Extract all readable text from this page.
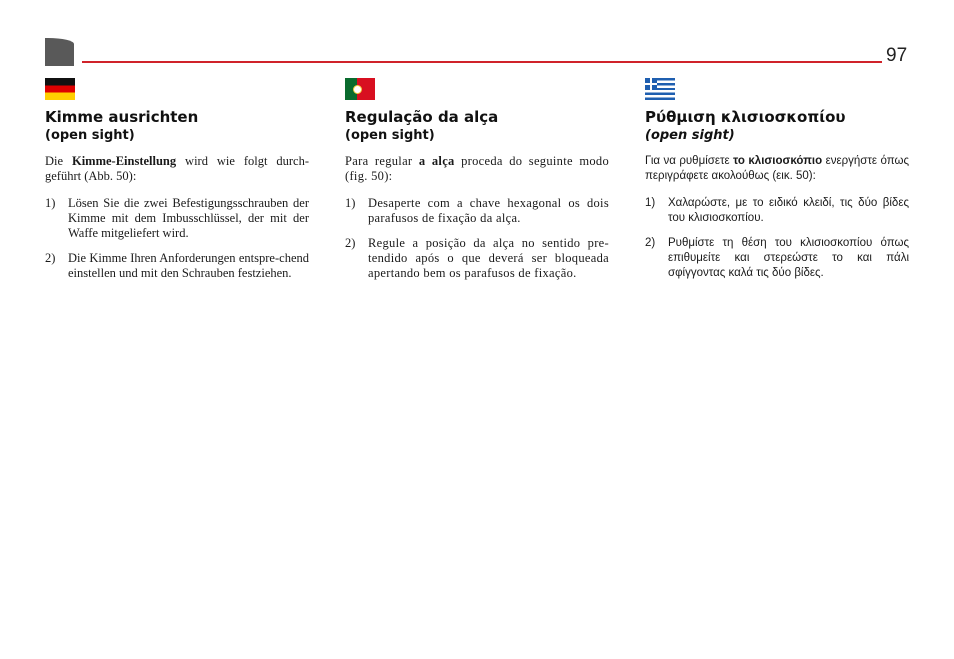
97
Kimme ausrichten

(open sight)

Die Kimme-Einstellung wird wie folgt durch-geführt (Abb. 50):

1)	Lösen Sie die zwei Befestigungsschrauben der Kimme mit dem Imbusschlüssel, der mit der Waffe mitgeliefert wird.
2)	Die Kimme Ihren Anforderungen entspre-chend einstellen und mit den Schrauben festziehen.
Regulação da alça

(open sight)

Para regular a alça proceda do seguinte modo (fig. 50):

1)	Desaperte com a chave hexagonal os dois parafusos de fixação da alça.
2)	Regule a posição da alça no sentido pre-tendido após o que deverá ser bloqueada apertando bem os parafusos de fixação.
Ρύθμιση κλισιοσκοπίου

(open sight)

Για να ρυθμίσετε το κλισιοσκόπιο ενεργήστε όπως περιγράφετε ακολούθως (εικ. 50):

1)	Χαλαρώστε, με το ειδικό κλειδί, τις δύο βίδες του κλισιοσκοπίου.
2)	Ρυθμίστε τη θέση του κλισιοσκοπίου όπως επιθυμείτε και στερεώστε το και πάλι σφίγγοντας καλά τις δύο βίδες.
